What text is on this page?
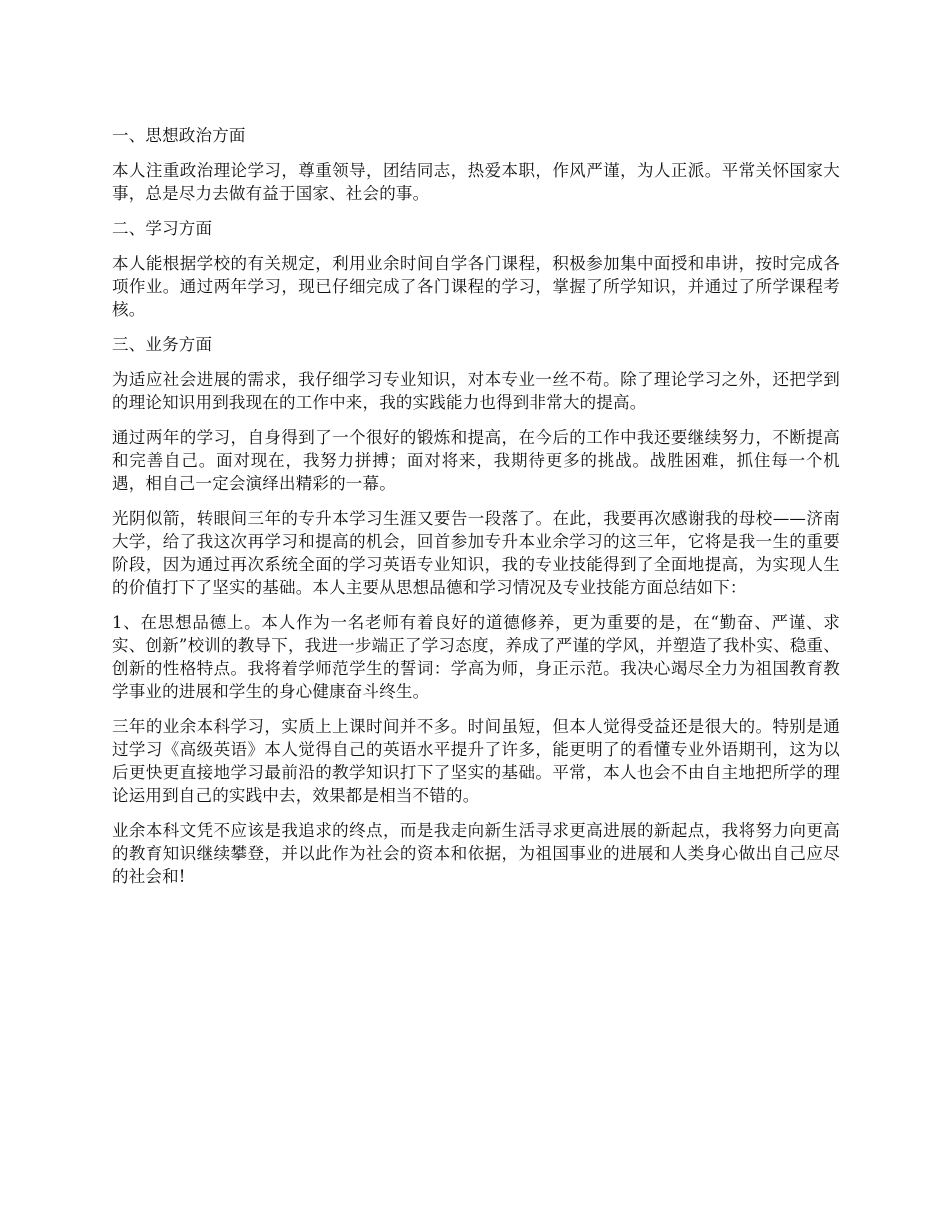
一、思想政治方面

本人注重政治理论学习，尊重领导，团结同志，热爱本职，作风严谨，为人正派。平常关怀国家大事，总是尽力去做有益于国家、社会的事。

二、学习方面

本人能根据学校的有关规定，利用业余时间自学各门课程，积极参加集中面授和串讲，按时完成各项作业。通过两年学习，现已仔细完成了各门课程的学习，掌握了所学知识，并通过了所学课程考核。

三、业务方面

为适应社会进展的需求，我仔细学习专业知识，对本专业一丝不苟。除了理论学习之外，还把学到的理论知识用到我现在的工作中来，我的实践能力也得到非常大的提高。

通过两年的学习，自身得到了一个很好的锻炼和提高，在今后的工作中我还要继续努力，不断提高和完善自己。面对现在，我努力拼搏；面对将来，我期待更多的挑战。战胜困难，抓住每一个机遇，相自己一定会演绎出精彩的一幕。

光阴似箭，转眼间三年的专升本学习生涯又要告一段落了。在此，我要再次感谢我的母校——济南大学，给了我这次再学习和提高的机会，回首参加专升本业余学习的这三年，它将是我一生的重要阶段，因为通过再次系统全面的学习英语专业知识，我的专业技能得到了全面地提高，为实现人生的价值打下了坚实的基础。本人主要从思想品德和学习情况及专业技能方面总结如下：

1、在思想品德上。本人作为一名老师有着良好的道德修养，更为重要的是，在“勤奋、严谨、求实、创新”校训的教导下，我进一步端正了学习态度，养成了严谨的学风，并塑造了我朴实、稳重、创新的性格特点。我将着学师范学生的誓词：学高为师，身正示范。我决心竭尽全力为祖国教育教学事业的进展和学生的身心健康奋斗终生。

三年的业余本科学习，实质上上课时间并不多。时间虽短，但本人觉得受益还是很大的。特别是通过学习《高级英语》本人觉得自己的英语水平提升了许多，能更明了的看懂专业外语期刊，这为以后更快更直接地学习最前沿的教学知识打下了坚实的基础。平常，本人也会不由自主地把所学的理论运用到自己的实践中去，效果都是相当不错的。

业余本科文凭不应该是我追求的终点，而是我走向新生活寻求更高进展的新起点，我将努力向更高的教育知识继续攀登，并以此作为社会的资本和依据，为祖国事业的进展和人类身心做出自己应尽的社会和!
